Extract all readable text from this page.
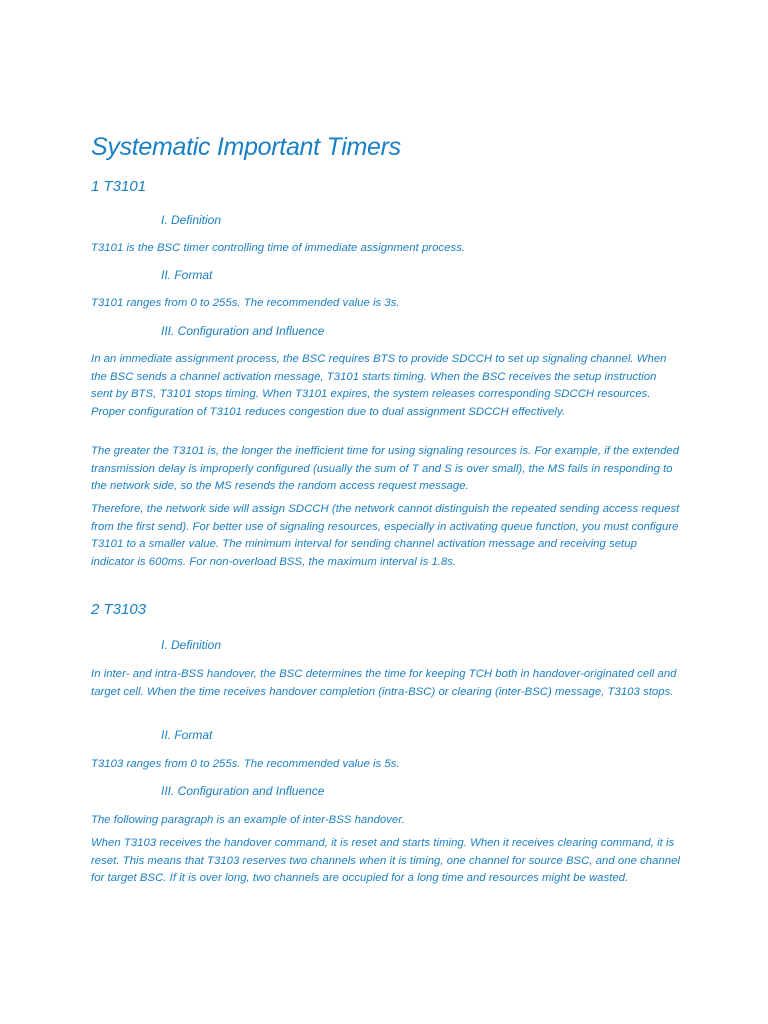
Systematic Important Timers
1 T3101

I. Definition

T3101 is the BSC timer controlling time of immediate assignment process.

II. Format

T3101 ranges from 0 to 255s. The recommended value is 3s.

III. Configuration and Influence

In an immediate assignment process, the BSC requires BTS to provide SDCCH to set up signaling channel. When the BSC sends a channel activation message, T3101 starts timing. When the BSC receives the setup instruction sent by BTS, T3101 stops timing. When T3101 expires, the system releases corresponding SDCCH resources. Proper configuration of T3101 reduces congestion due to dual assignment SDCCH effectively.

The greater the T3101 is, the longer the inefficient time for using signaling resources is. For example, if the extended transmission delay is improperly configured (usually the sum of T and S is over small), the MS fails in responding to the network side, so the MS resends the random access request message.

Therefore, the network side will assign SDCCH (the network cannot distinguish the repeated sending access request from the first send). For better use of signaling resources, especially in activating queue function, you must configure T3101 to a smaller value. The minimum interval for sending channel activation message and receiving setup indicator is 600ms. For non-overload BSS, the maximum interval is 1.8s.

2 T3103

I. Definition

In inter- and intra-BSS handover, the BSC determines the time for keeping TCH both in handover-originated cell and target cell. When the time receives handover completion (intra-BSC) or clearing (inter-BSC) message, T3103 stops.

II. Format

T3103 ranges from 0 to 255s. The recommended value is 5s.

III. Configuration and Influence

The following paragraph is an example of inter-BSS handover.

When T3103 receives the handover command, it is reset and starts timing. When it receives clearing command, it is reset. This means that T3103 reserves two channels when it is timing, one channel for source BSC, and one channel for target BSC. If it is over long, two channels are occupied for a long time and resources might be wasted.
